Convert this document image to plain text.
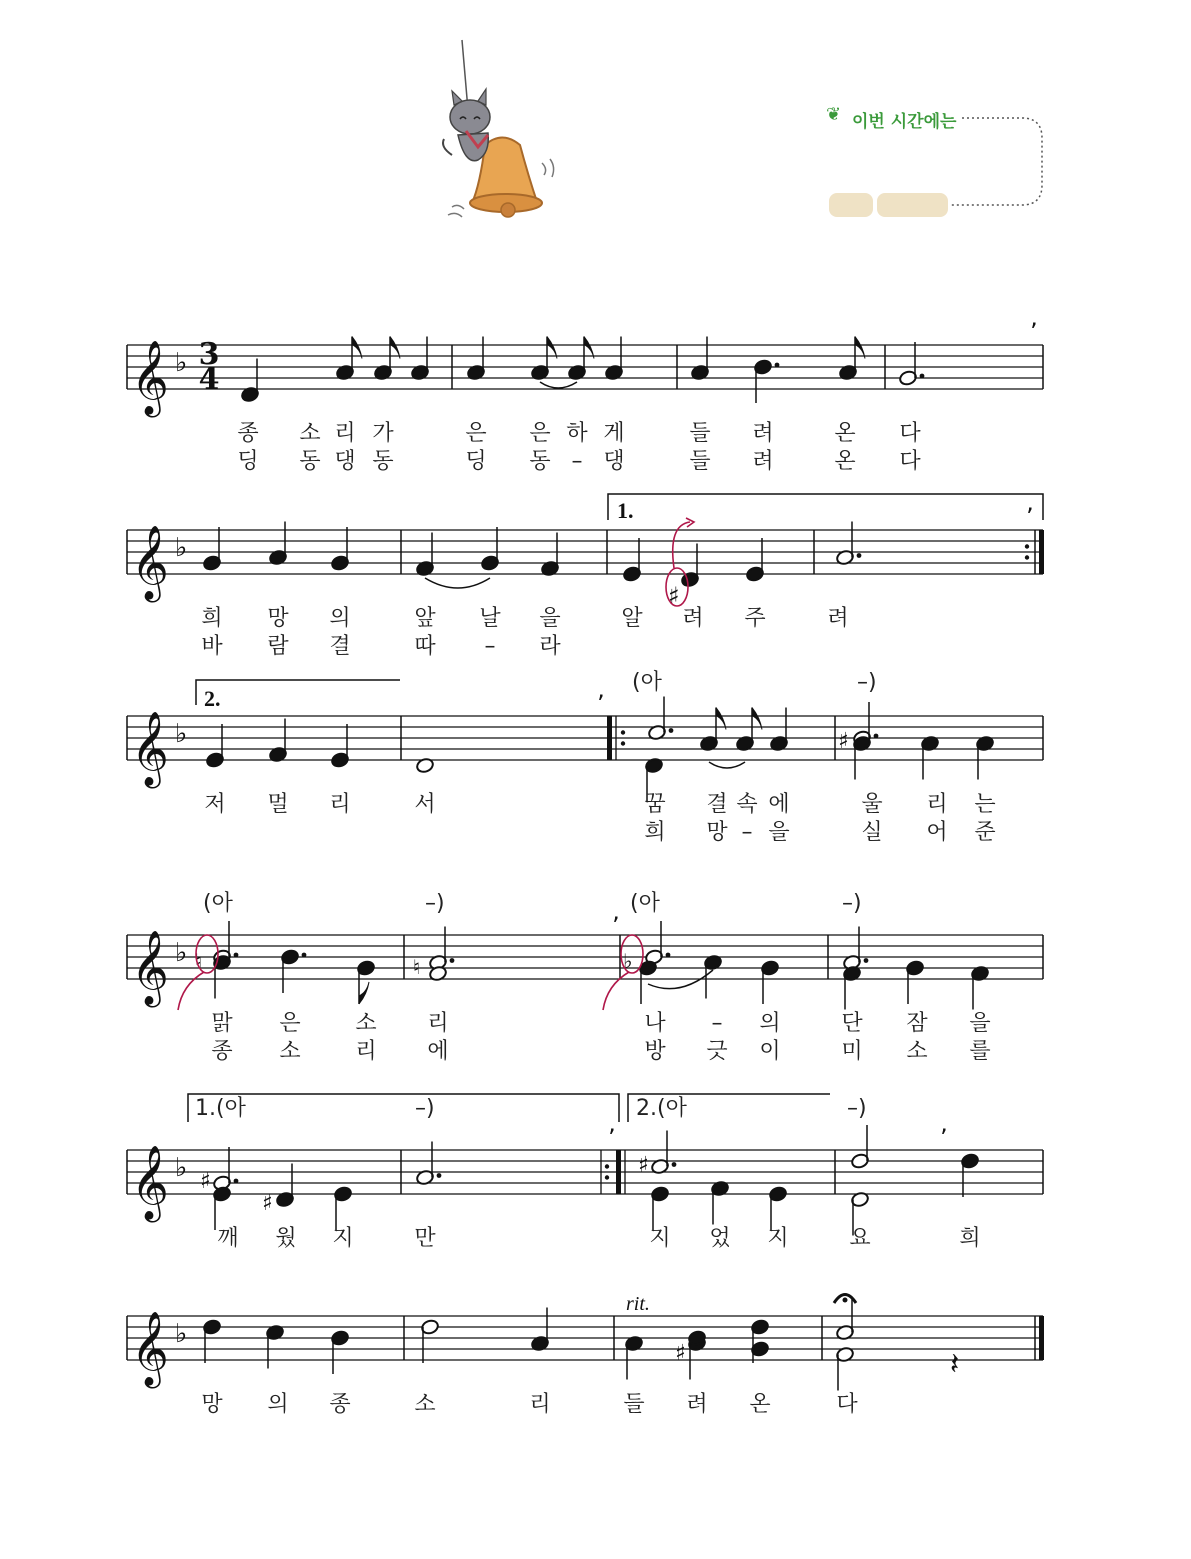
❦ 이번 시간에는
𝄞 ♭
𝄞 ♭
𝄞 ♭
𝄞 ♭
𝄞 ♭
𝄞 ♭
’
♯
’
♯
’
♮	♮	♭
’
♯
♯
♯
’	’
♯	𝄽
3
4
1.
2.
rit.
종 소 리 가	은 은 하 게	들 려	온 다
딩 동 댕 동	딩 동 – 댕	들 려	온 다
희 망 의	앞 날 을	알 려 주	려
바 람 결	따 – 라
저 멀 리	서	꿈 결 속 에	울 리 는
희 망 – 을	실 어 준
(아	–)
맑 은 소 리	나 – 의	단 잠 을
종 소 리 에	방 긋 이	미 소 를
(아	–)	(아	–)
깨 웠 지	만	지 었 지	요	희
1.(아	–)	2.(아	–)
망 의 종	소	리	들 려 온	다
